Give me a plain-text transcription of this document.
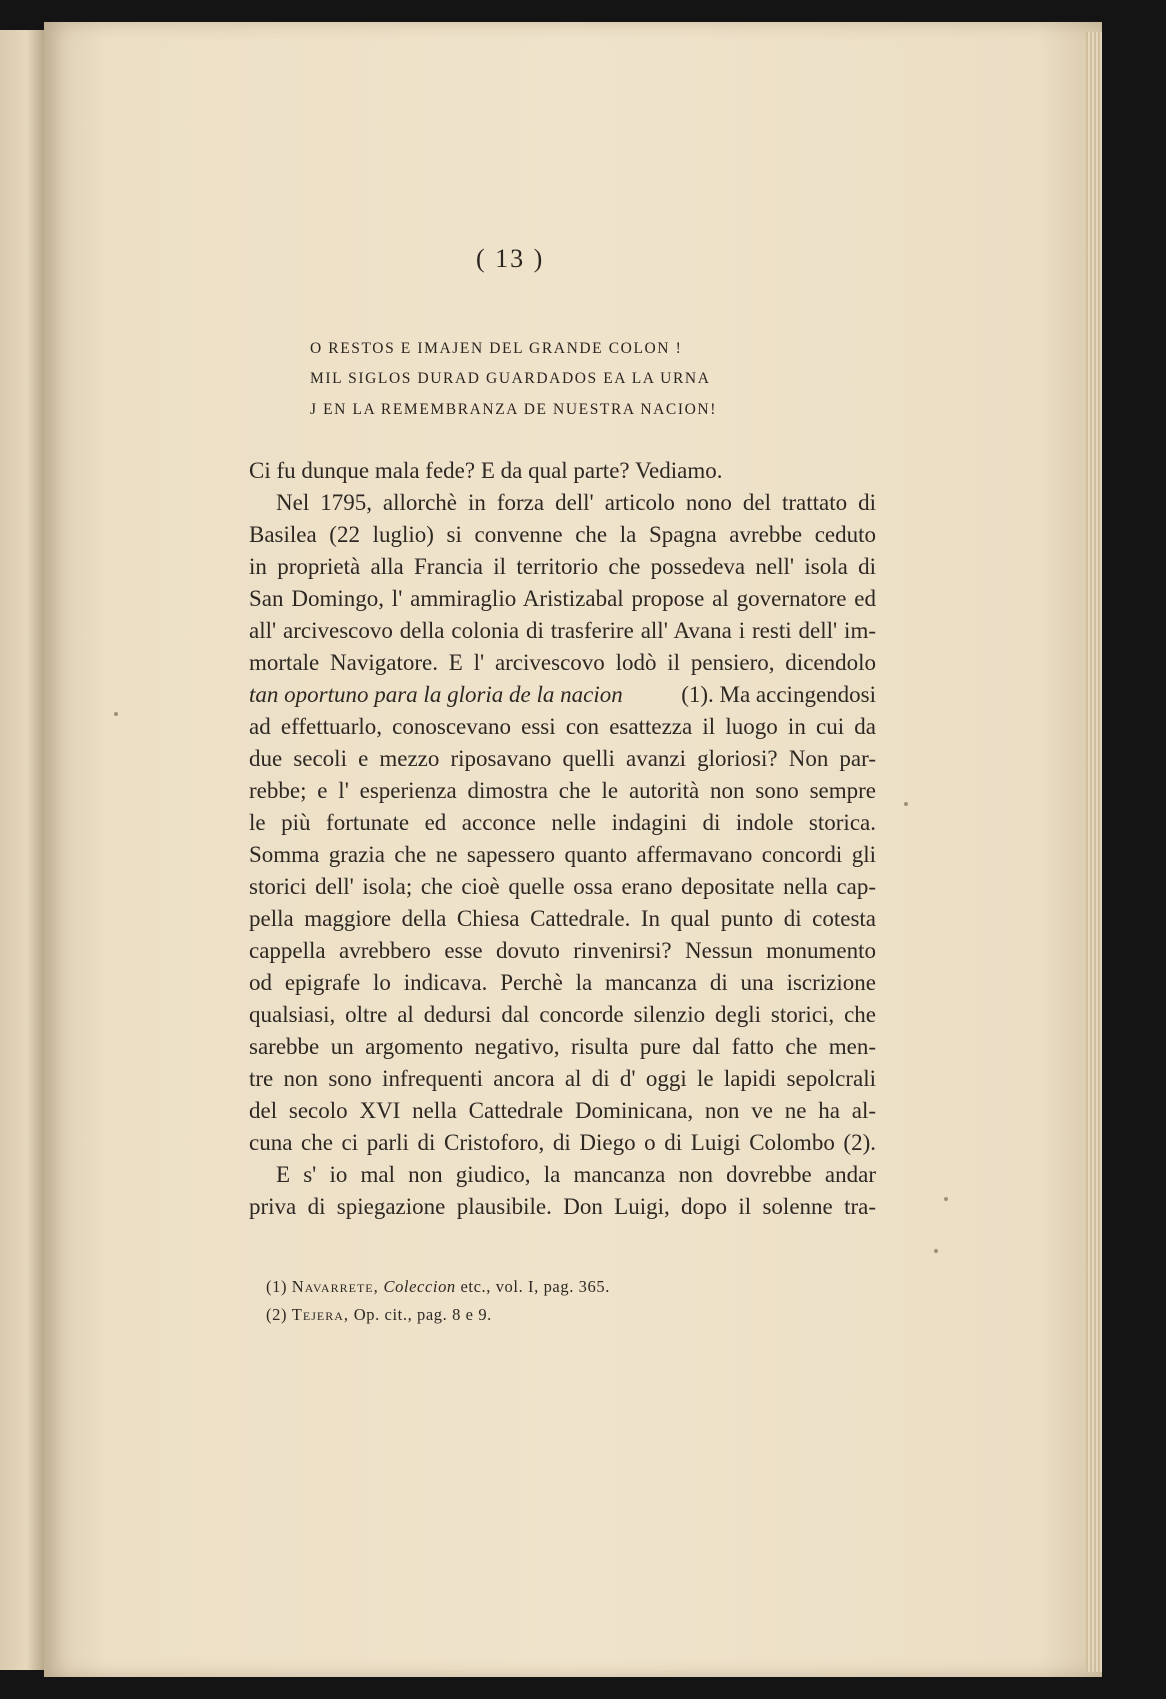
( 13 )
O RESTOS E IMAJEN DEL GRANDE COLON !
MIL SIGLOS DURAD GUARDADOS EA LA URNA
J EN LA REMEMBRANZA DE NUESTRA NACION!
Ci fu dunque mala fede? E da qual parte? Vediamo.
Nel 1795, allorchè in forza dell' articolo nono del trattato di
Basilea (22 luglio) si convenne che la Spagna avrebbe ceduto
in proprietà alla Francia il territorio che possedeva nell' isola di
San Domingo, l' ammiraglio Aristizabal propose al governatore ed
all' arcivescovo della colonia di trasferire all' Avana i resti dell' im-
mortale Navigatore. E l' arcivescovo lodò il pensiero, dicendolo
tan oportuno para la gloria de la nacion	(1). Ma accingendosi
ad effettuarlo, conoscevano essi con esattezza il luogo in cui da
due secoli e mezzo riposavano quelli avanzi gloriosi? Non par-
rebbe; e l' esperienza dimostra che le autorità non sono sempre
le più fortunate ed acconce nelle indagini di indole storica.
Somma grazia che ne sapessero quanto affermavano concordi gli
storici dell' isola; che cioè quelle ossa erano depositate nella cap-
pella maggiore della Chiesa Cattedrale. In qual punto di cotesta
cappella avrebbero esse dovuto rinvenirsi? Nessun monumento
od epigrafe lo indicava. Perchè la mancanza di una iscrizione
qualsiasi, oltre al dedursi dal concorde silenzio degli storici, che
sarebbe un argomento negativo, risulta pure dal fatto che men-
tre non sono infrequenti ancora al di d' oggi le lapidi sepolcrali
del secolo XVI nella Cattedrale Dominicana, non ve ne ha al-
cuna che ci parli di Cristoforo, di Diego o di Luigi Colombo (2).
E s' io mal non giudico, la mancanza non dovrebbe andar
priva di spiegazione plausibile. Don Luigi, dopo il solenne tra-
(1) Navarrete, Coleccion etc., vol. I, pag. 365.
(2) Tejera, Op. cit., pag. 8 e 9.
